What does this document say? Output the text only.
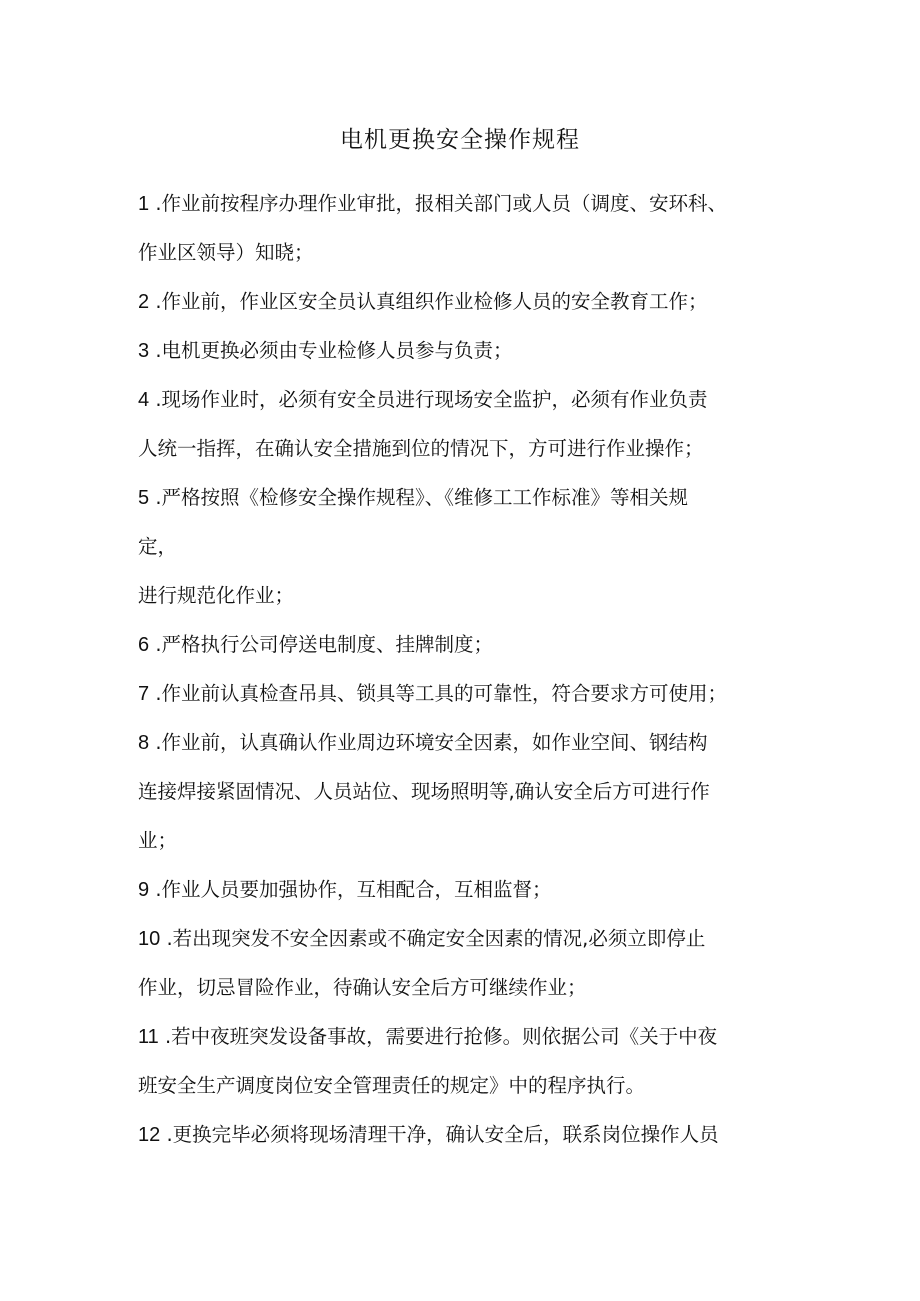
电机更换安全操作规程
1 .作业前按程序办理作业审批，报相关部门或人员（调度、安环科、
作业区领导）知晓；
2 .作业前，作业区安全员认真组织作业检修人员的安全教育工作；
3 .电机更换必须由专业检修人员参与负责；
4 .现场作业时，必须有安全员进行现场安全监护，必须有作业负责
人统一指挥，在确认安全措施到位的情况下，方可进行作业操作；
5 .严格按照《检修安全操作规程》、《维修工工作标准》等相关规
定，
进行规范化作业；
6 .严格执行公司停送电制度、挂牌制度；
7 .作业前认真检查吊具、锁具等工具的可靠性，符合要求方可使用；
8 .作业前，认真确认作业周边环境安全因素，如作业空间、钢结构
连接焊接紧固情况、人员站位、现场照明等,确认安全后方可进行作
业；
9 .作业人员要加强协作，互相配合，互相监督；
10 .若出现突发不安全因素或不确定安全因素的情况,必须立即停止
作业，切忌冒险作业，待确认安全后方可继续作业；
11 .若中夜班突发设备事故，需要进行抢修。则依据公司《关于中夜
班安全生产调度岗位安全管理责任的规定》中的程序执行。
12 .更换完毕必须将现场清理干净，确认安全后，联系岗位操作人员
